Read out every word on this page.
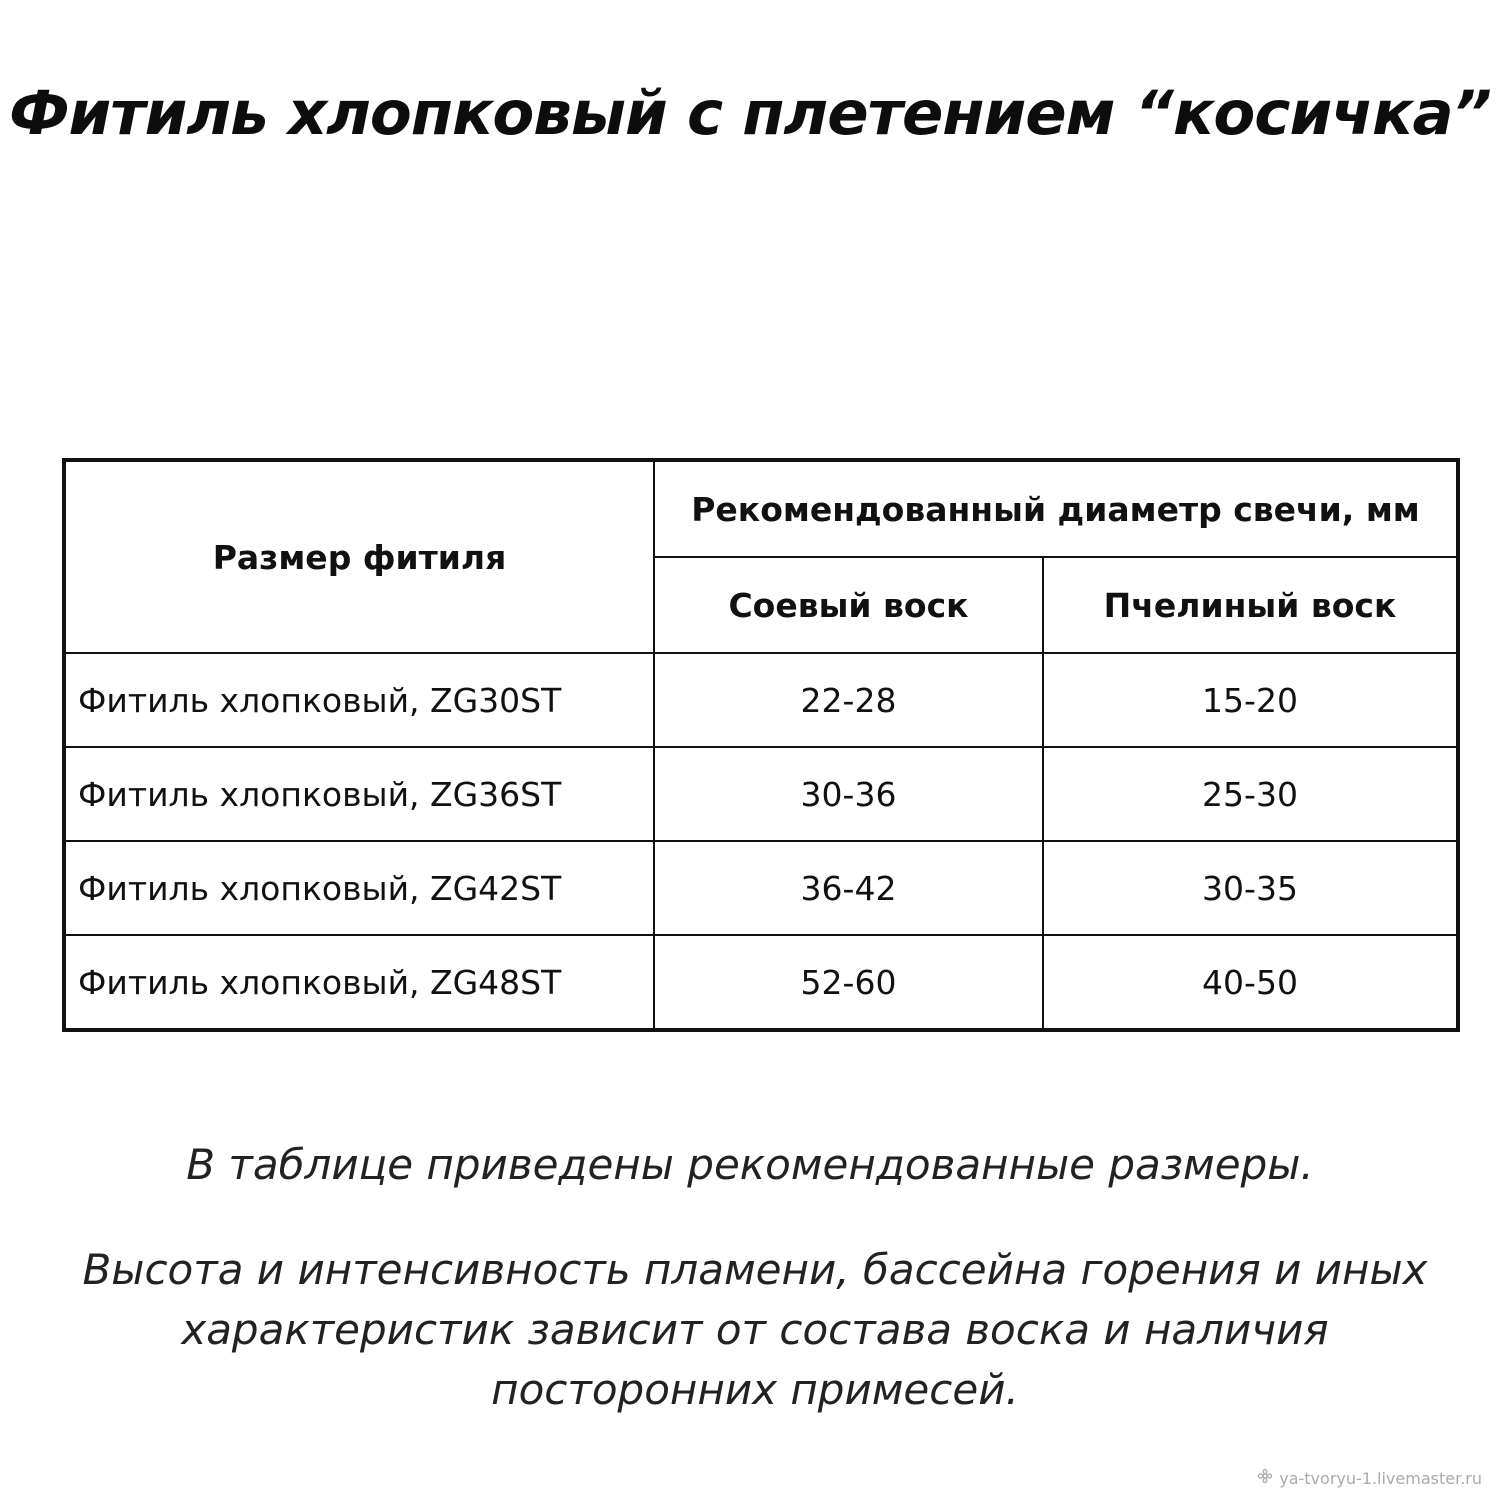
Фитиль хлопковый с плетением “косичка”
Размер фитиля	Рекомендованный диаметр свечи, мм	
	Соевый воск	Пчелиный воск
Фитиль хлопковый, ZG30ST	22-28	15-20
Фитиль хлопковый, ZG36ST	30-36	25-30
Фитиль хлопковый, ZG42ST	36-42	30-35
Фитиль хлопковый, ZG48ST	52-60	40-50
В таблице приведены рекомендованные размеры.
Высота и интенсивность пламени, бассейна горения и иных характеристик зависит от состава воска и наличия посторонних примесей.
ya-tvoryu-1.livemaster.ru
